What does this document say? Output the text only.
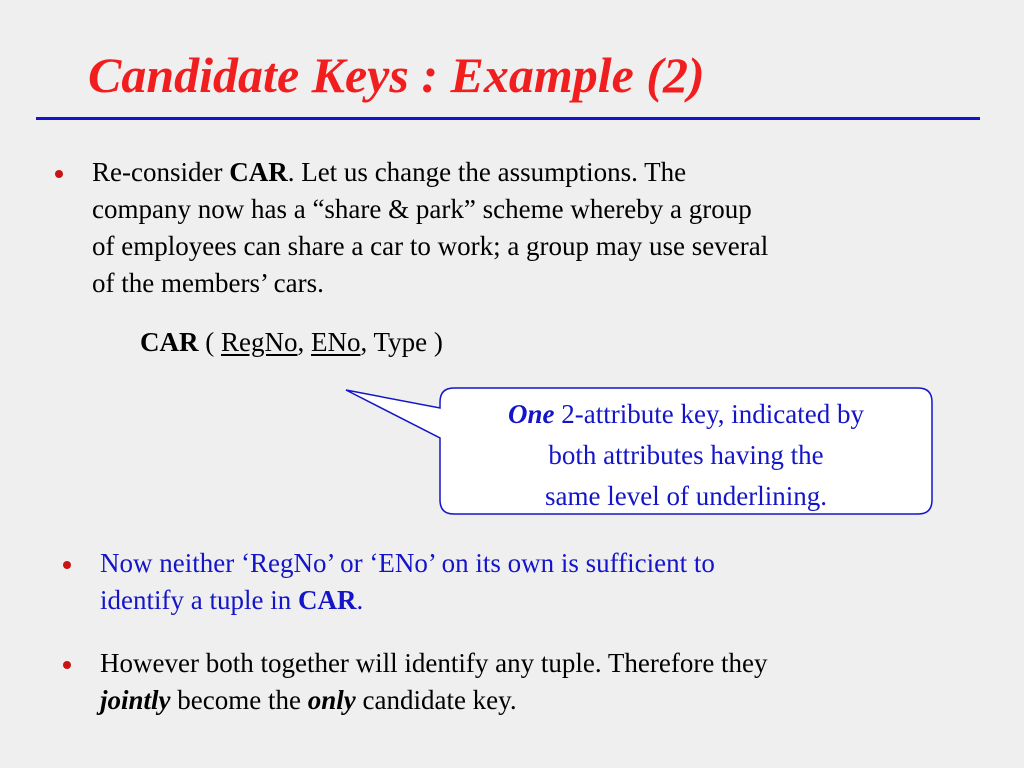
Candidate Keys : Example (2)
Re-consider CAR. Let us change the assumptions. The
company now has a “share & park” scheme whereby a group
of employees can share a car to work; a group may use several
of the members’ cars.
CAR ( RegNo, ENo, Type )
One 2-attribute key, indicated by
both attributes having the
same level of underlining.
Now neither ‘RegNo’ or ‘ENo’ on its own is sufficient to
identify a tuple in CAR.
However both together will identify any tuple. Therefore they
jointly become the only candidate key.
